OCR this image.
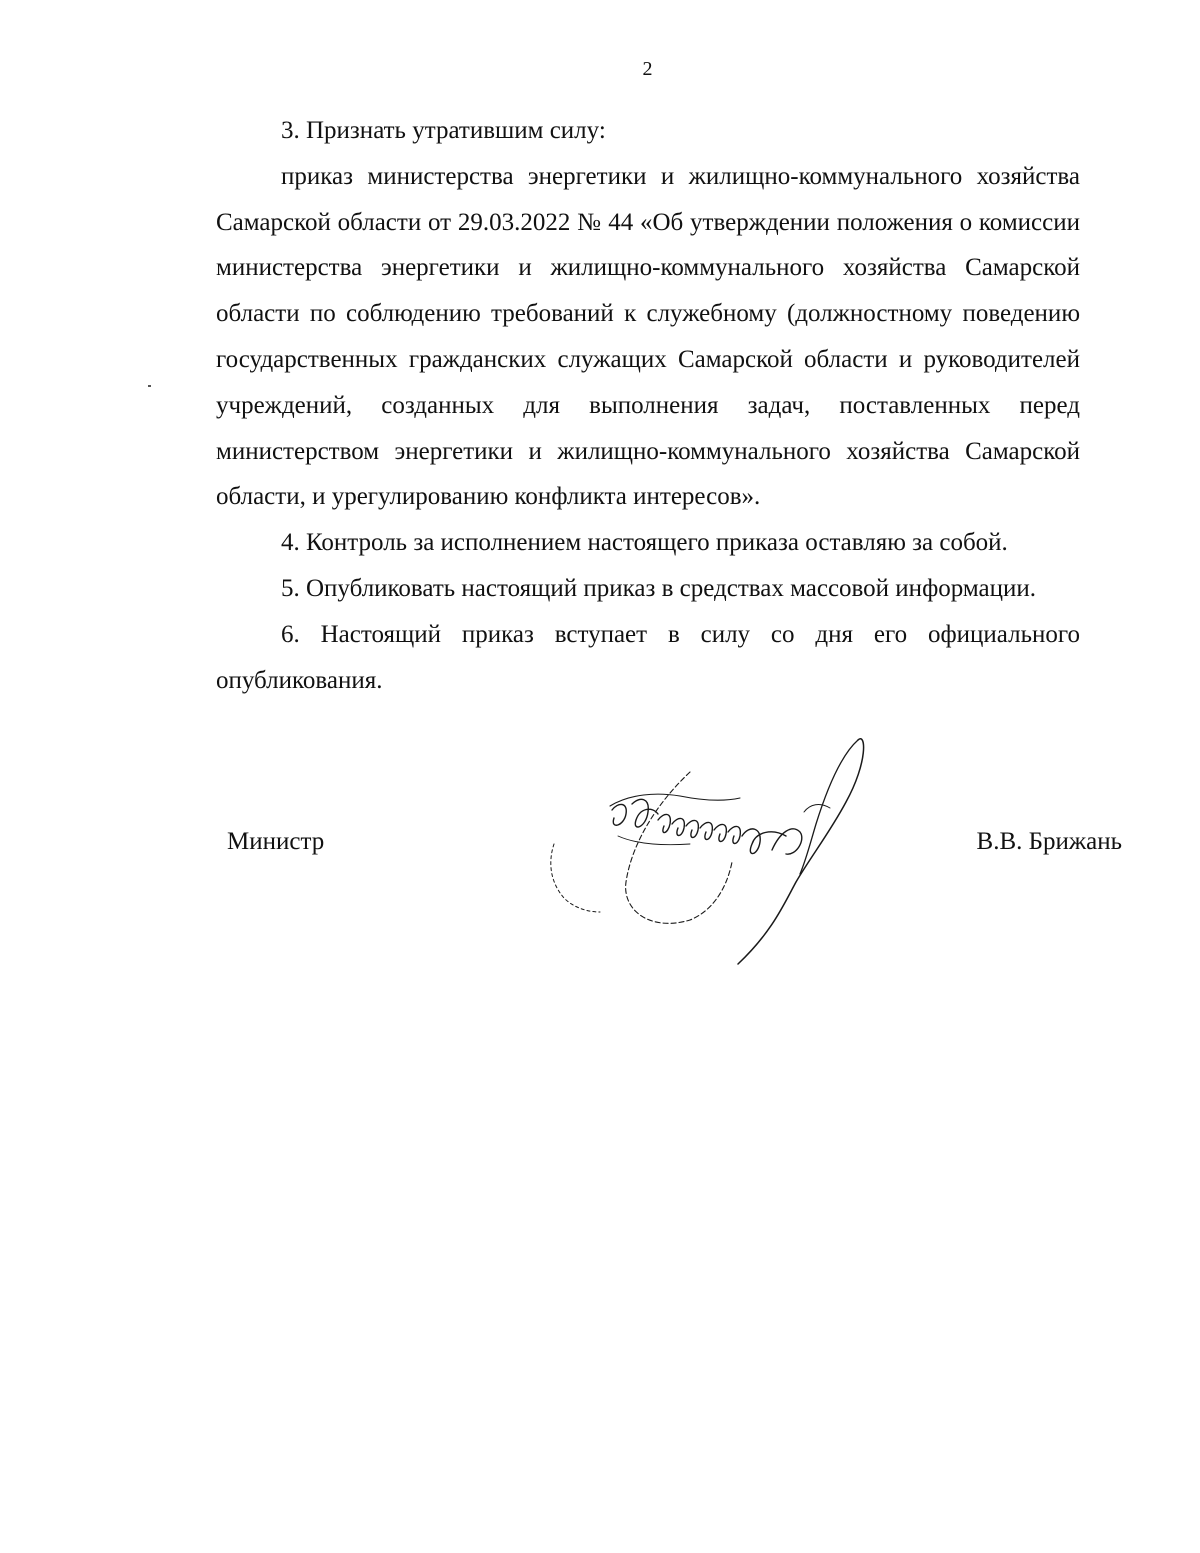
2

3. Признать утратившим силу:

приказ министерства энергетики и жилищно-коммунального хозяйства Самарской области от 29.03.2022 № 44 «Об утверждении положения о комиссии министерства энергетики и жилищно-коммунального хозяйства Самарской области по соблюдению требований к служебному (должностному поведению государственных гражданских служащих Самарской области и руководителей учреждений, созданных для выполнения задач, поставленных перед министерством энергетики и жилищно-коммунального хозяйства Самарской области, и урегулированию конфликта интересов».

4. Контроль за исполнением настоящего приказа оставляю за собой.

5. Опубликовать настоящий приказ в средствах массовой информации.

6. Настоящий приказ вступает в силу со дня его официального опубликования.

Министр	В.В. Брижань
